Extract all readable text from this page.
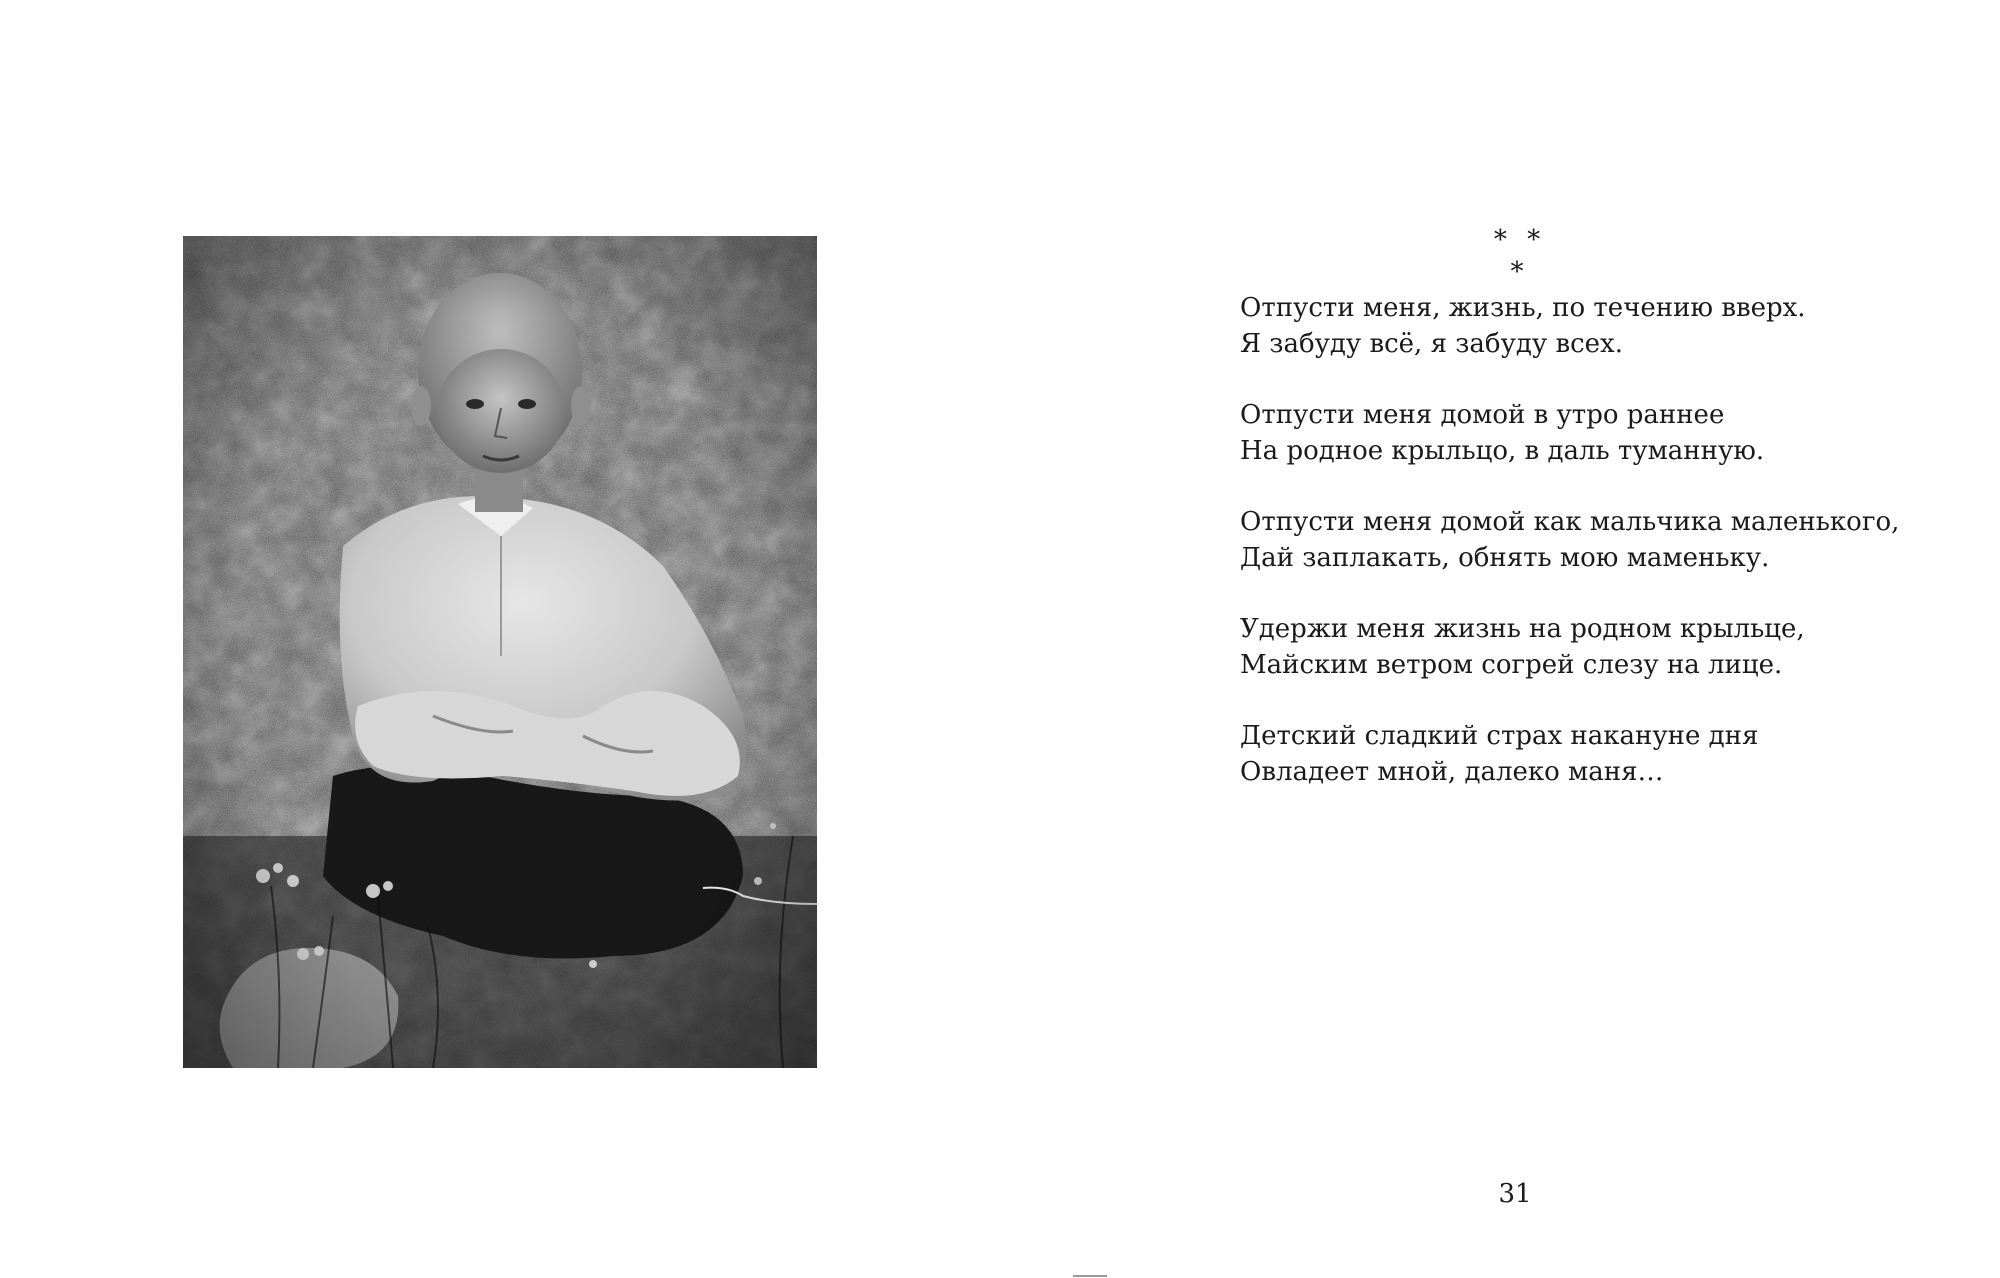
* * *
Отпусти меня, жизнь, по течению вверх.
Я забуду всё, я забуду всех.
Отпусти меня домой в утро раннее
На родное крыльцо, в даль туманную.
Отпусти меня домой как мальчика маленького,
Дай заплакать, обнять мою маменьку.
Удержи меня жизнь на родном крыльце,
Майским ветром согрей слезу на лице.
Детский сладкий страх накануне дня
Овладеет мной, далеко маня…
31
